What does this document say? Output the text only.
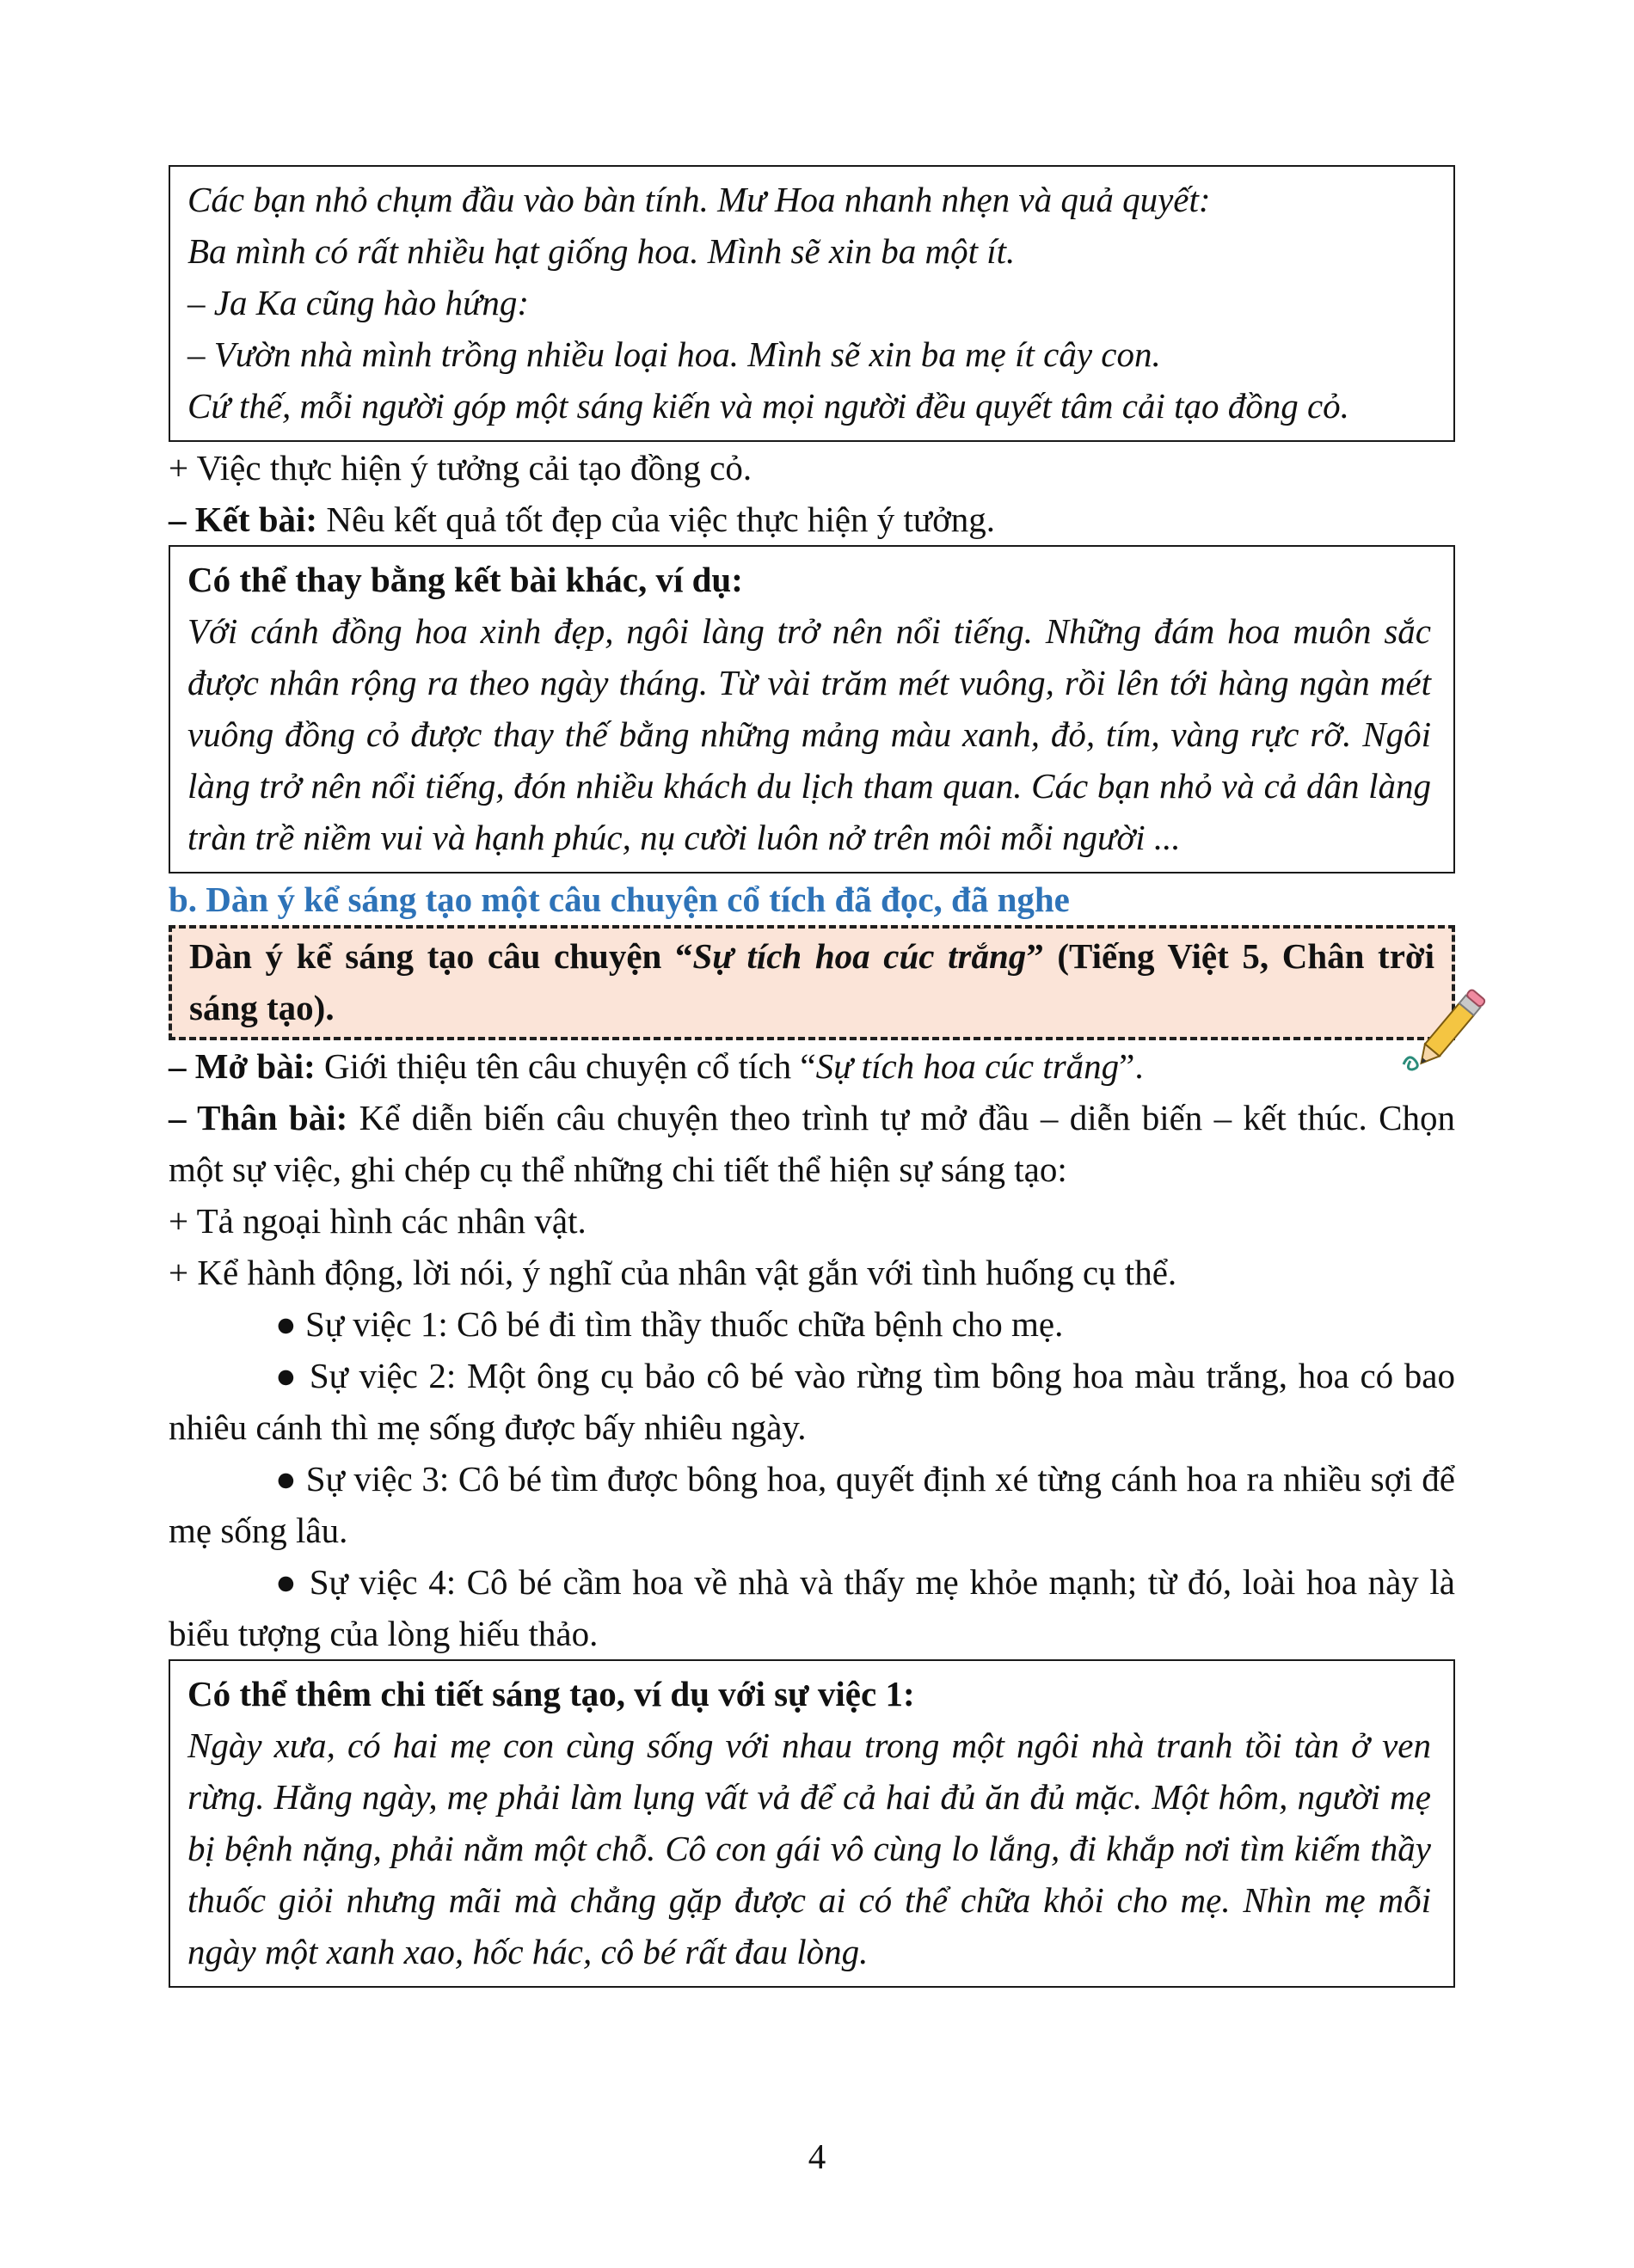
Các bạn nhỏ chụm đầu vào bàn tính. Mư Hoa nhanh nhẹn và quả quyết:

Ba mình có rất nhiều hạt giống hoa. Mình sẽ xin ba một ít.

– Ja Ka cũng hào hứng:

– Vườn nhà mình trồng nhiều loại hoa. Mình sẽ xin ba mẹ ít cây con.

Cứ thế, mỗi người góp một sáng kiến và mọi người đều quyết tâm cải tạo đồng cỏ.

+ Việc thực hiện ý tưởng cải tạo đồng cỏ.

– Kết bài: Nêu kết quả tốt đẹp của việc thực hiện ý tưởng.

Có thể thay bằng kết bài khác, ví dụ:

Với cánh đồng hoa xinh đẹp, ngôi làng trở nên nổi tiếng. Những đám hoa muôn sắc được nhân rộng ra theo ngày tháng. Từ vài trăm mét vuông, rồi lên tới hàng ngàn mét vuông đồng cỏ được thay thế bằng những mảng màu xanh, đỏ, tím, vàng rực rỡ. Ngôi làng trở nên nổi tiếng, đón nhiều khách du lịch tham quan. Các bạn nhỏ và cả dân làng tràn trề niềm vui và hạnh phúc, nụ cười luôn nở trên môi mỗi người ...

b. Dàn ý kể sáng tạo một câu chuyện cổ tích đã đọc, đã nghe

Dàn ý kể sáng tạo câu chuyện “Sự tích hoa cúc trắng” (Tiếng Việt 5, Chân trời sáng tạo).

– Mở bài: Giới thiệu tên câu chuyện cổ tích “Sự tích hoa cúc trắng”.

– Thân bài: Kể diễn biến câu chuyện theo trình tự mở đầu – diễn biến – kết thúc. Chọn một sự việc, ghi chép cụ thể những chi tiết thể hiện sự sáng tạo:

+ Tả ngoại hình các nhân vật.

+ Kể hành động, lời nói, ý nghĩ của nhân vật gắn với tình huống cụ thể.

● Sự việc 1: Cô bé đi tìm thầy thuốc chữa bệnh cho mẹ.

● Sự việc 2: Một ông cụ bảo cô bé vào rừng tìm bông hoa màu trắng, hoa có bao nhiêu cánh thì mẹ sống được bấy nhiêu ngày.

● Sự việc 3: Cô bé tìm được bông hoa, quyết định xé từng cánh hoa ra nhiều sợi để mẹ sống lâu.

● Sự việc 4: Cô bé cầm hoa về nhà và thấy mẹ khỏe mạnh; từ đó, loài hoa này là biểu tượng của lòng hiếu thảo.

Có thể thêm chi tiết sáng tạo, ví dụ với sự việc 1:

Ngày xưa, có hai mẹ con cùng sống với nhau trong một ngôi nhà tranh tồi tàn ở ven rừng. Hằng ngày, mẹ phải làm lụng vất vả để cả hai đủ ăn đủ mặc. Một hôm, người mẹ bị bệnh nặng, phải nằm một chỗ. Cô con gái vô cùng lo lắng, đi khắp nơi tìm kiếm thầy thuốc giỏi nhưng mãi mà chẳng gặp được ai có thể chữa khỏi cho mẹ. Nhìn mẹ mỗi ngày một xanh xao, hốc hác, cô bé rất đau lòng.

4
